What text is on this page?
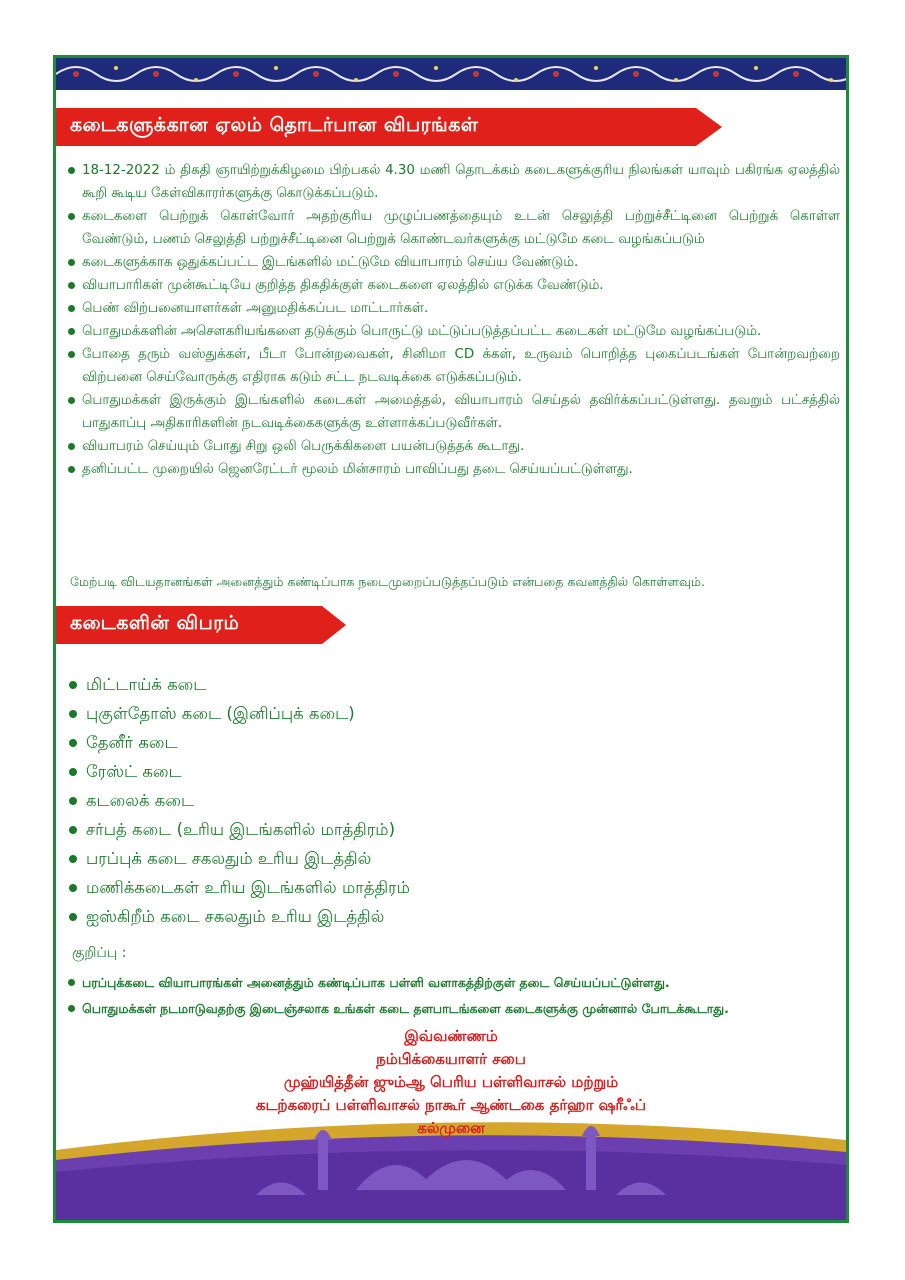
கடைகளுக்கான ஏலம் தொடர்பான விபரங்கள்
18-12-2022 ம் திகதி ஞாயிற்றுக்கிழமை பிற்பகல் 4.30 மணி தொடக்கம் கடைகளுக்குரிய நிலங்கள் யாவும் பகிரங்க ஏலத்தில் கூறி கூடிய கேள்விகாரர்களுக்கு கொடுக்கப்படும்.
கடைகளை பெற்றுக் கொள்வோர் அதற்குரிய முழுப்பணத்தையும் உடன் செலுத்தி பற்றுச்சீட்டினை பெற்றுக் கொள்ள வேண்டும், பணம் செலுத்தி பற்றுச்சீட்டினை பெற்றுக் கொண்டவர்களுக்கு மட்டுமே கடை வழங்கப்படும்
கடைகளுக்காக ஒதுக்கப்பட்ட இடங்களில் மட்டுமே வியாபாரம் செய்ய வேண்டும்.
வியாபாரிகள் முன்கூட்டியே குறித்த திகதிக்குள் கடைகளை ஏலத்தில் எடுக்க வேண்டும்.
பெண் விற்பனையாளர்கள் அனுமதிக்கப்பட மாட்டார்கள்.
பொதுமக்களின் அசௌகரியங்களை தடுக்கும் பொருட்டு மட்டுப்படுத்தப்பட்ட கடைகள் மட்டுமே வழங்கப்படும்.
போதை தரும் வஸ்துக்கள், பீடா போன்றவைகள், சினிமா CD க்கள், உருவம் பொறித்த புகைப்படங்கள் போன்றவற்றை விற்பனை செய்வோருக்கு எதிராக கடும் சட்ட நடவடிக்கை எடுக்கப்படும்.
பொதுமக்கள் இருக்கும் இடங்களில் கடைகள் அமைத்தல், வியாபாரம் செய்தல் தவிர்க்கப்பட்டுள்ளது. தவறும் பட்சத்தில் பாதுகாப்பு அதிகாரிகளின் நடவடிக்கைகளுக்கு உள்ளாக்கப்படுவீர்கள்.
வியாபரம் செய்யும் போது சிறு ஒலி பெருக்கிகளை பயன்படுத்தக் கூடாது.
தனிப்பட்ட முறையில் ஜெனரேட்டர் மூலம் மின்சாரம் பாவிப்பது தடை செய்யப்பட்டுள்ளது.
மேற்படி விடயதானங்கள் அனைத்தும் கண்டிப்பாக நடைமுறைப்படுத்தப்படும் என்பதை கவனத்தில் கொள்ளவும்.
கடைகளின் விபரம்
மிட்டாய்க் கடை
புகுள்தோஸ் கடை (இனிப்புக் கடை)
தேனீர் கடை
ரேஸ்ட் கடை
கடலைக் கடை
சர்பத் கடை (உரிய இடங்களில் மாத்திரம்)
பரப்புக் கடை சகலதும் உரிய இடத்தில்
மணிக்கடைகள் உரிய இடங்களில் மாத்திரம்
ஐஸ்கிறீம் கடை சகலதும் உரிய இடத்தில்
குறிப்பு :
பரப்புக்கடை வியாபாரங்கள் அனைத்தும் கண்டிப்பாக பள்ளி வளாகத்திற்குள் தடை செய்யப்பட்டுள்ளது.
பொதுமக்கள் நடமாடுவதற்கு இடைஞ்சலாக உங்கள் கடை தளபாடங்களை கடைகளுக்கு முன்னால் போடக்கூடாது.
இவ்வண்ணம்
நம்பிக்கையாளர் சபை
முஹ்யித்தீன் ஜும்ஆ பெரிய பள்ளிவாசல் மற்றும்
கடற்கரைப் பள்ளிவாசல் நாகூர் ஆண்டகை தர்ஹா ஷரீஃப்
கல்முனை
